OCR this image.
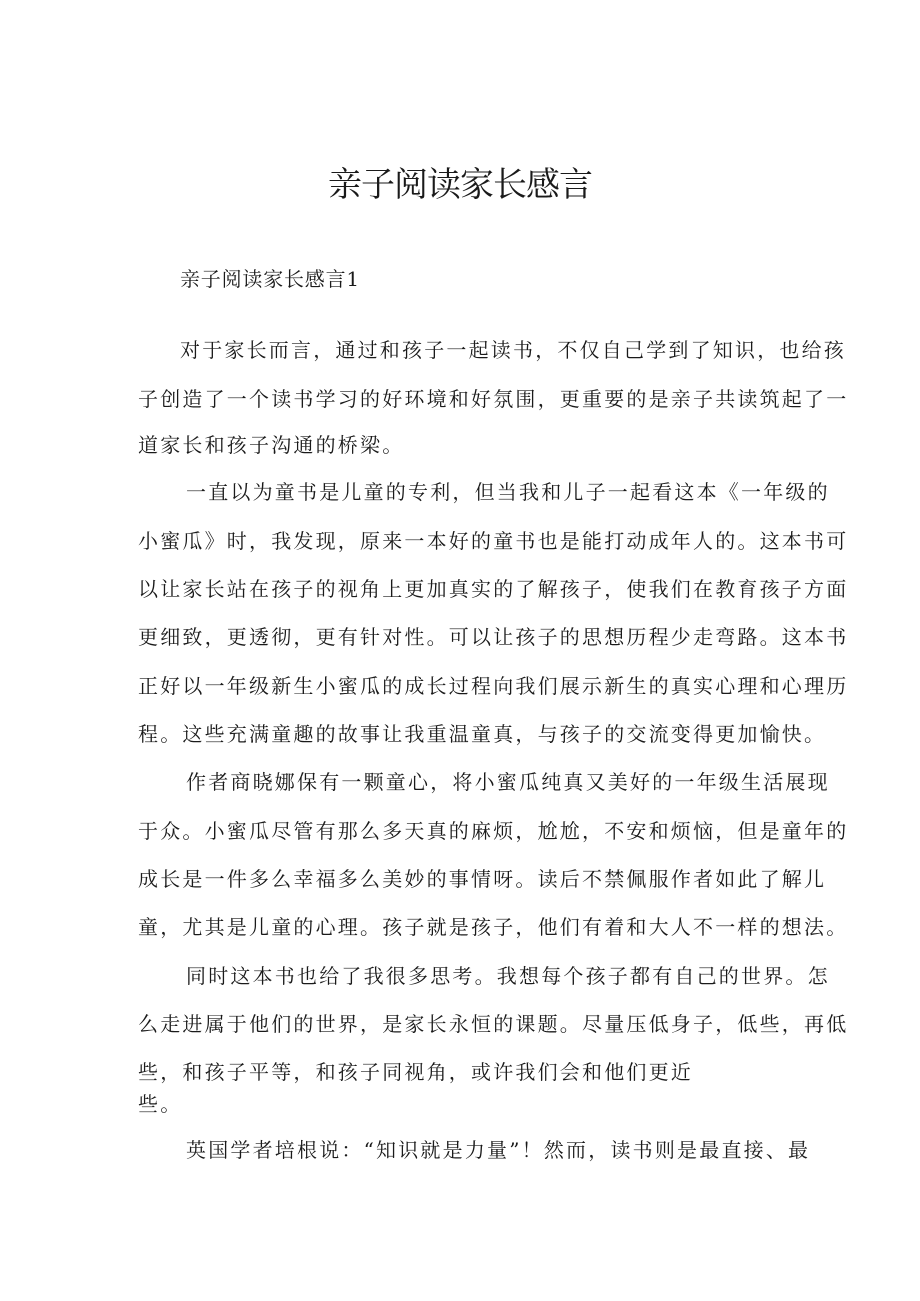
亲子阅读家长感言

亲子阅读家长感言1

对于家长而言，通过和孩子一起读书，不仅自己学到了知识，也给孩

子创造了一个读书学习的好环境和好氛围，更重要的是亲子共读筑起了一

道家长和孩子沟通的桥梁。

一直以为童书是儿童的专利，但当我和儿子一起看这本《一年级的

小蜜瓜》时，我发现，原来一本好的童书也是能打动成年人的。这本书可

以让家长站在孩子的视角上更加真实的了解孩子，使我们在教育孩子方面

更细致，更透彻，更有针对性。可以让孩子的思想历程少走弯路。这本书

正好以一年级新生小蜜瓜的成长过程向我们展示新生的真实心理和心理历

程。这些充满童趣的故事让我重温童真，与孩子的交流变得更加愉快。

作者商晓娜保有一颗童心，将小蜜瓜纯真又美好的一年级生活展现

于众。小蜜瓜尽管有那么多天真的麻烦，尬尬，不安和烦恼，但是童年的

成长是一件多么幸福多么美妙的事情呀。读后不禁佩服作者如此了解儿

童，尤其是儿童的心理。孩子就是孩子，他们有着和大人不一样的想法。

同时这本书也给了我很多思考。我想每个孩子都有自己的世界。怎

么走进属于他们的世界，是家长永恒的课题。尽量压低身子，低些，再低

些，和孩子平等，和孩子同视角，或许我们会和他们更近

些。

英国学者培根说：“知识就是力量”！然而，读书则是最直接、最
